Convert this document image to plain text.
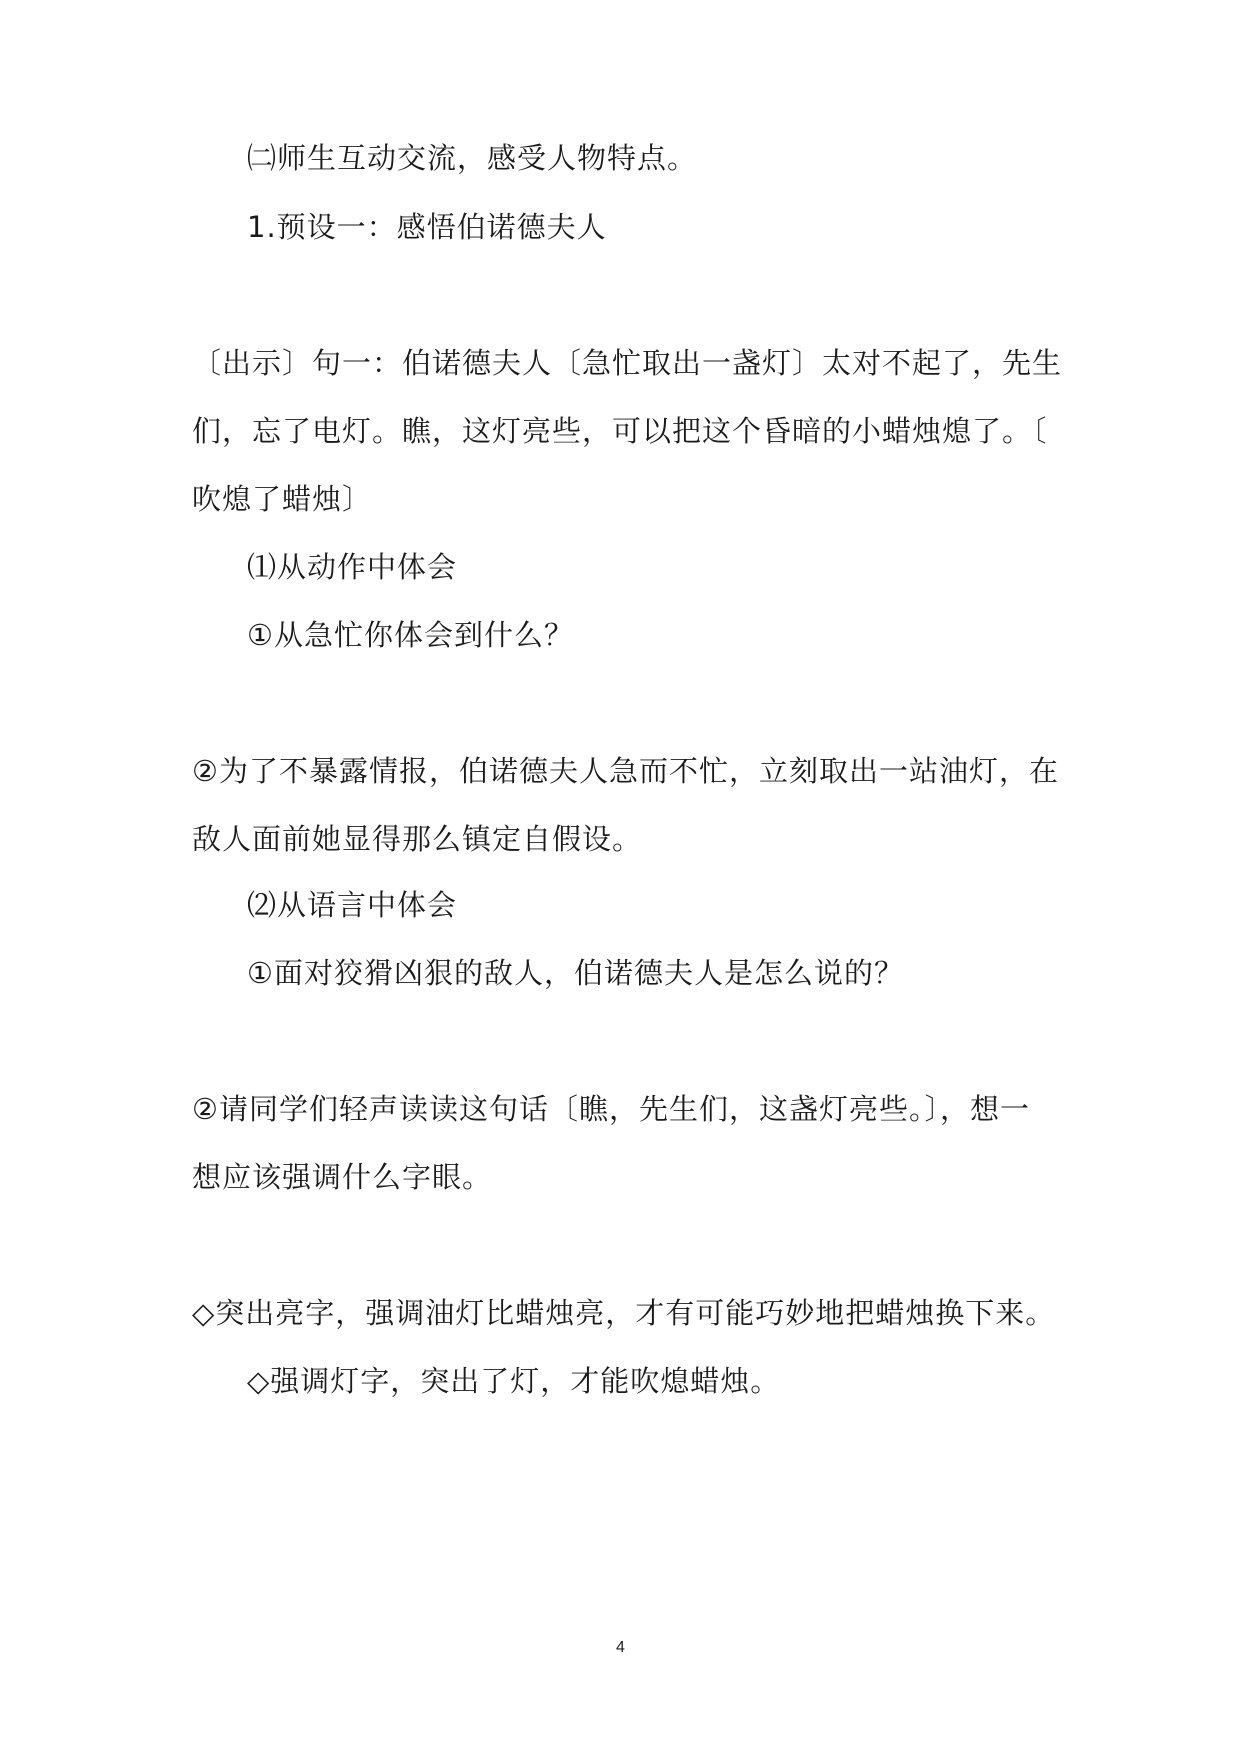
㈡师生互动交流，感受人物特点。
1.预设一：感悟伯诺德夫人
〔出示〕句一：伯诺德夫人〔急忙取出一盏灯〕太对不起了，先生
们，忘了电灯。瞧，这灯亮些，可以把这个昏暗的小蜡烛熄了。〔
吹熄了蜡烛〕
⑴从动作中体会
①从急忙你体会到什么？
②为了不暴露情报，伯诺德夫人急而不忙，立刻取出一站油灯，在
敌人面前她显得那么镇定自假设。
⑵从语言中体会
①面对狡猾凶狠的敌人，伯诺德夫人是怎么说的？
②请同学们轻声读读这句话〔瞧，先生们，这盏灯亮些。〕，想一
想应该强调什么字眼。
◇突出亮字，强调油灯比蜡烛亮，才有可能巧妙地把蜡烛换下来。
◇强调灯字，突出了灯，才能吹熄蜡烛。
4
